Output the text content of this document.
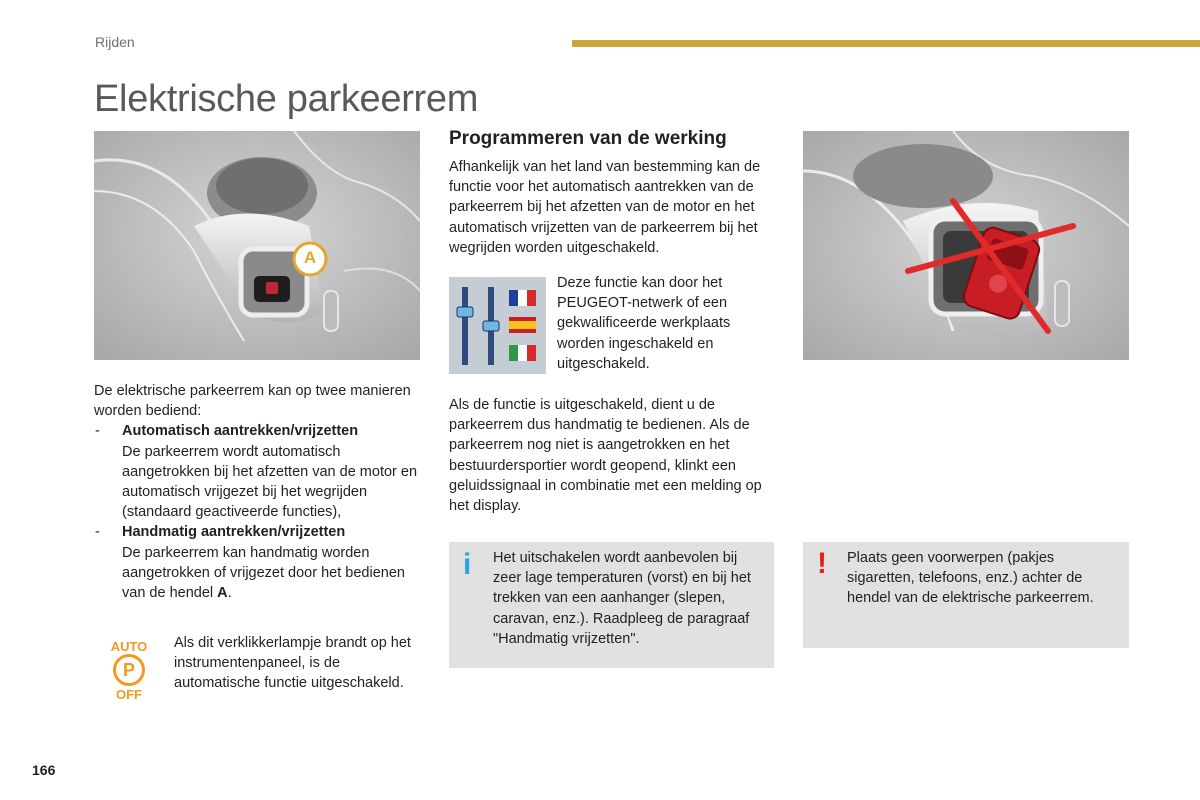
Rijden
Elektrische parkeerrem
A

De elektrische parkeerrem kan op twee manieren worden bediend:

- Automatisch aantrekken/vrijzetten
De parkeerrem wordt automatisch aangetrokken bij het afzetten van de motor en automatisch vrijgezet bij het wegrijden (standaard geactiveerde functies),
- Handmatig aantrekken/vrijzetten
De parkeerrem kan handmatig worden aangetrokken of vrijgezet door het bedienen van de hendel A.
AUTO
P
OFF
Als dit verklikkerlampje brandt op het instrumentenpaneel, is de automatische functie uitgeschakeld.
Programmeren van de werking
Afhankelijk van het land van bestemming kan de functie voor het automatisch aantrekken van de parkeerrem bij het afzetten van de motor en het automatisch vrijzetten van de parkeerrem bij het wegrijden worden uitgeschakeld.
Deze functie kan door het PEUGEOT-netwerk of een gekwalificeerde werkplaats worden ingeschakeld en uitgeschakeld.
Als de functie is uitgeschakeld, dient u de parkeerrem dus handmatig te bedienen. Als de parkeerrem nog niet is aangetrokken en het bestuurdersportier wordt geopend, klinkt een geluidssignaal in combinatie met een melding op het display.
i Het uitschakelen wordt aanbevolen bij zeer lage temperaturen (vorst) en bij het trekken van een aanhanger (slepen, caravan, enz.). Raadpleeg de paragraaf "Handmatig vrijzetten".
! Plaats geen voorwerpen (pakjes sigaretten, telefoons, enz.) achter de hendel van de elektrische parkeerrem.
166
